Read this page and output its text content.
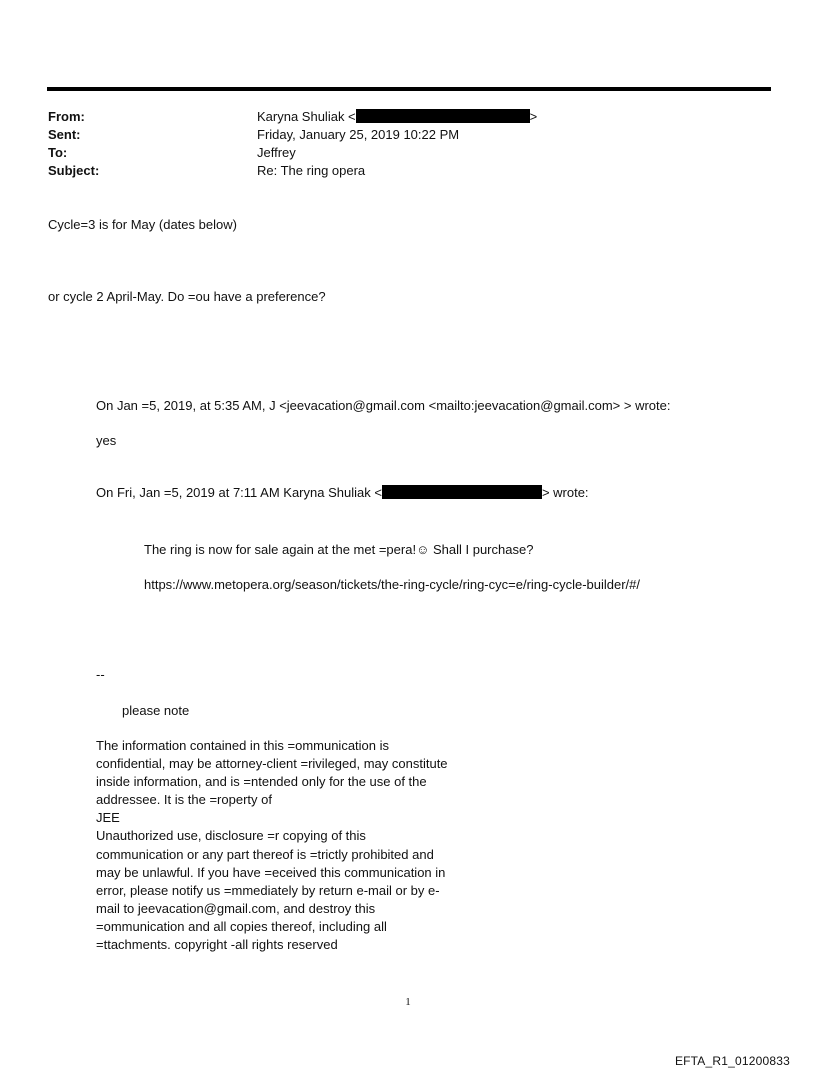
From:	Karyna Shuliak <	>
Sent:	Friday, January 25, 2019 10:22 PM
To:	Jeffrey
Subject:	Re: The ring opera
Cycle=3 is for May (dates below)
or cycle 2 April-May. Do =ou have a preference?
On Jan =5, 2019, at 5:35 AM, J <jeevacation@gmail.com <mailto:jeevacation@gmail.com> > wrote:
yes
On Fri, Jan =5, 2019 at 7:11 AM Karyna Shuliak <	> wrote:
The ring is now for sale again at the met =pera!☺ Shall I purchase?
https://www.metopera.org/season/tickets/the-ring-cycle/ring-cyc=e/ring-cycle-builder/#/
--
please note

The information contained in this =ommunication is confidential, may be attorney-client =rivileged, may constitute inside information, and is =ntended only for the use of the addressee. It is the =roperty of

JEE

Unauthorized use, disclosure =r copying of this communication or any part thereof is =trictly prohibited and may be unlawful. If you have =eceived this communication in error, please notify us =mmediately by return e-mail or by e-mail to jeevacation@gmail.com, and destroy this =ommunication and all copies thereof, including all =ttachments. copyright -all rights reserved

1
EFTA_R1_01200833
